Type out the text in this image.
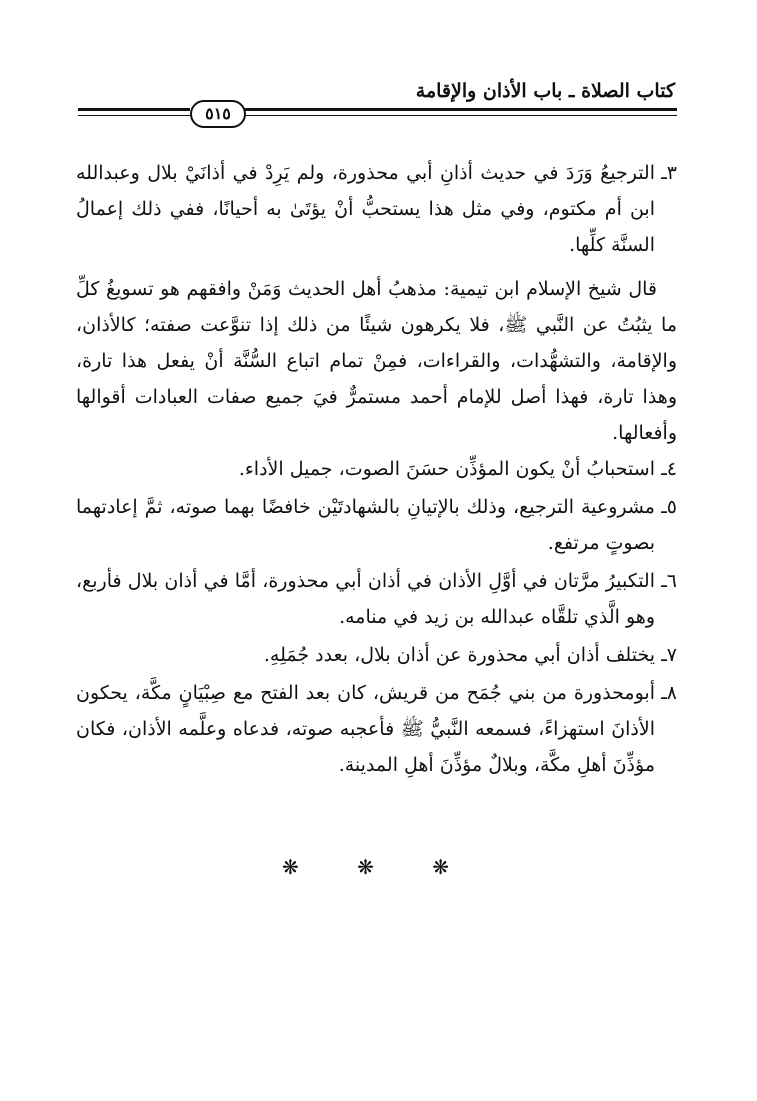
كتاب الصلاة ـ باب الأذان والإقامة
٥١٥
٣ـ
الترجيعُ وَرَدَ في حديث أذانِ أبي محذورة، ولم يَرِدْ في أذانَيْ بلال وعبدالله ابن أم مكتوم، وفي مثل هذا يستحبُّ أنْ يؤتَىٰ به أحيانًا، ففي ذلك إعمالُ السنَّة كلِّها.
قال شيخ الإسلام ابن تيمية: مذهبُ أهل الحديث وَمَنْ وافقهم هو تسويغُ كلِّ ما يثبُتُ عن النَّبي ﷺ، فلا يكرهون شيئًا من ذلك إذا تنوَّعت صفته؛ كالأذان، والإقامة، والتشهُّدات، والقراءات، فمِنْ تمام اتباع السُّنَّة أنْ يفعل هذا تارة، وهذا تارة، فهذا أصل للإمام أحمد مستمرٌّ فيَ جميع صفات العبادات أقوالها وأفعالها.
٤ـ
استحبابُ أنْ يكون المؤذِّن حسَنَ الصوت، جميل الأداء.
٥ـ
مشروعية الترجيع، وذلك بالإتيانِ بالشهادتَيْن خافضًا بهما صوته، ثمَّ إعادتهما بصوتٍ مرتفع.
٦ـ
التكبيرُ مرَّتان في أوَّلِ الأذان في أذان أبي محذورة، أمَّا في أذان بلال فأربع، وهو الَّذي تلقَّاه عبدالله بن زيد في منامه.
٧ـ
يختلف أذان أبي محذورة عن أذان بلال، بعدد جُمَلِهِ.
٨ـ
أبومحذورة من بني جُمَح من قريش، كان بعد الفتح مع صِبْيَانٍ مكَّة، يحكون الأذانَ استهزاءً، فسمعه النَّبيُّ ﷺ فأعجبه صوته، فدعاه وعلَّمه الأذان، فكان مؤذِّنَ أهلِ مكَّة، وبلالٌ مؤذِّنَ أهلِ المدينة.
❋ ❋ ❋
